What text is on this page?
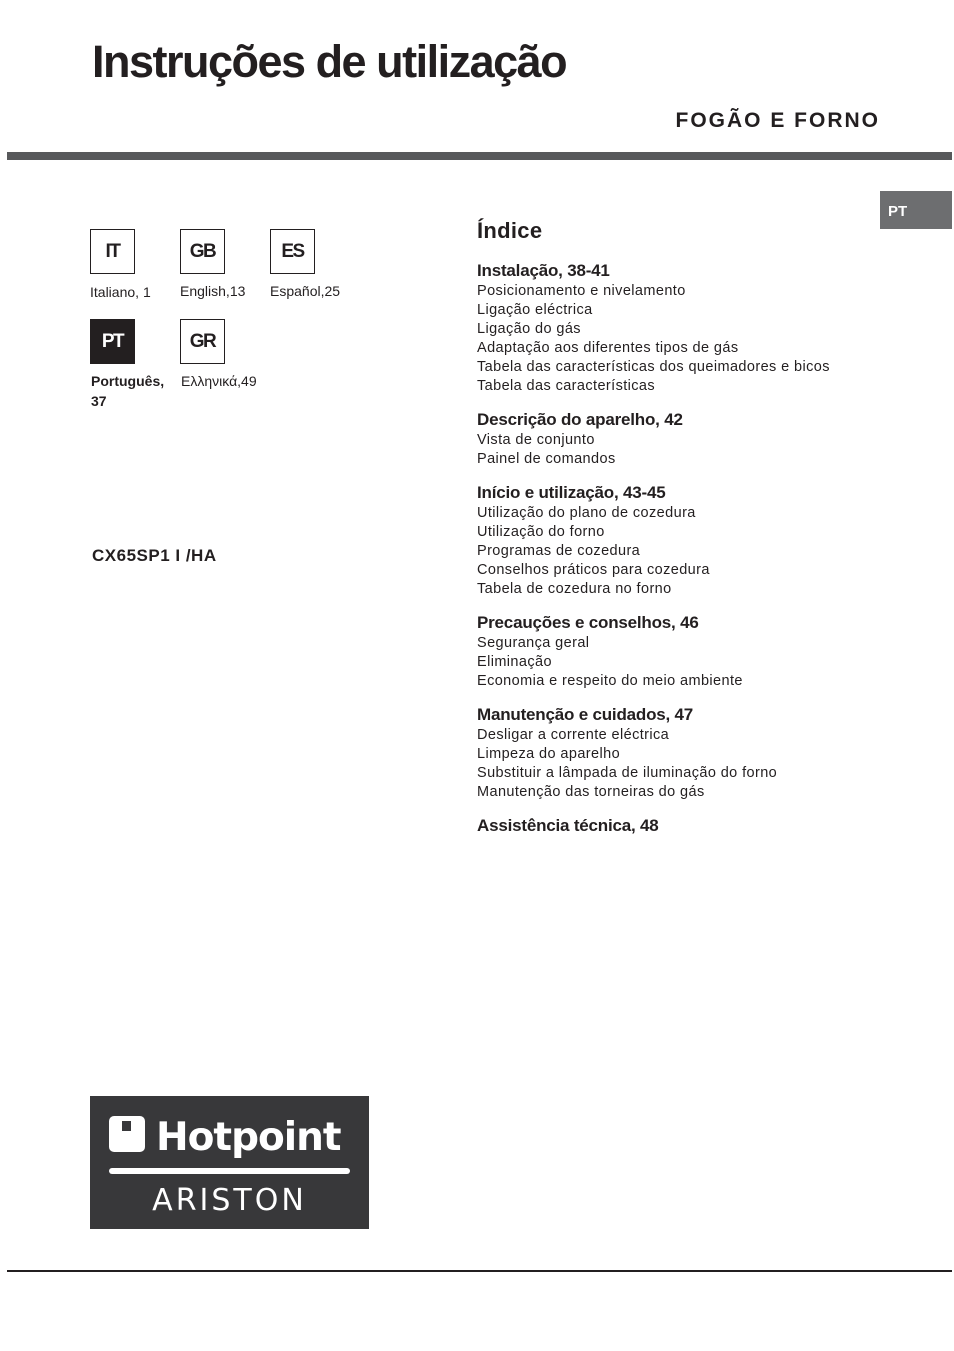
Instruções de utilização
FOGÃO E FORNO
PT
IT	GB	ES
PT	GR
Italiano, 1 English,13 Español,25
Português,
37
Ελληνικά,49
CX65SP1 I /HA
Índice
Instalação, 38-41
Posicionamento e nivelamento
Ligação eléctrica
Ligação do gás
Adaptação aos diferentes tipos de gás
Tabela das características dos queimadores e bicos
Tabela das características
Descrição do aparelho, 42
Vista de conjunto
Painel de comandos
Início e utilização, 43-45
Utilização do plano de cozedura
Utilização do forno
Programas de cozedura
Conselhos práticos para cozedura
Tabela de cozedura no forno
Precauções e conselhos, 46
Segurança geral
Eliminação
Economia e respeito do meio ambiente
Manutenção e cuidados, 47
Desligar a corrente eléctrica
Limpeza do aparelho
Substituir a lâmpada de iluminação do forno
Manutenção das torneiras do gás
Assistência técnica, 48
Hotpoint
ARISTON
